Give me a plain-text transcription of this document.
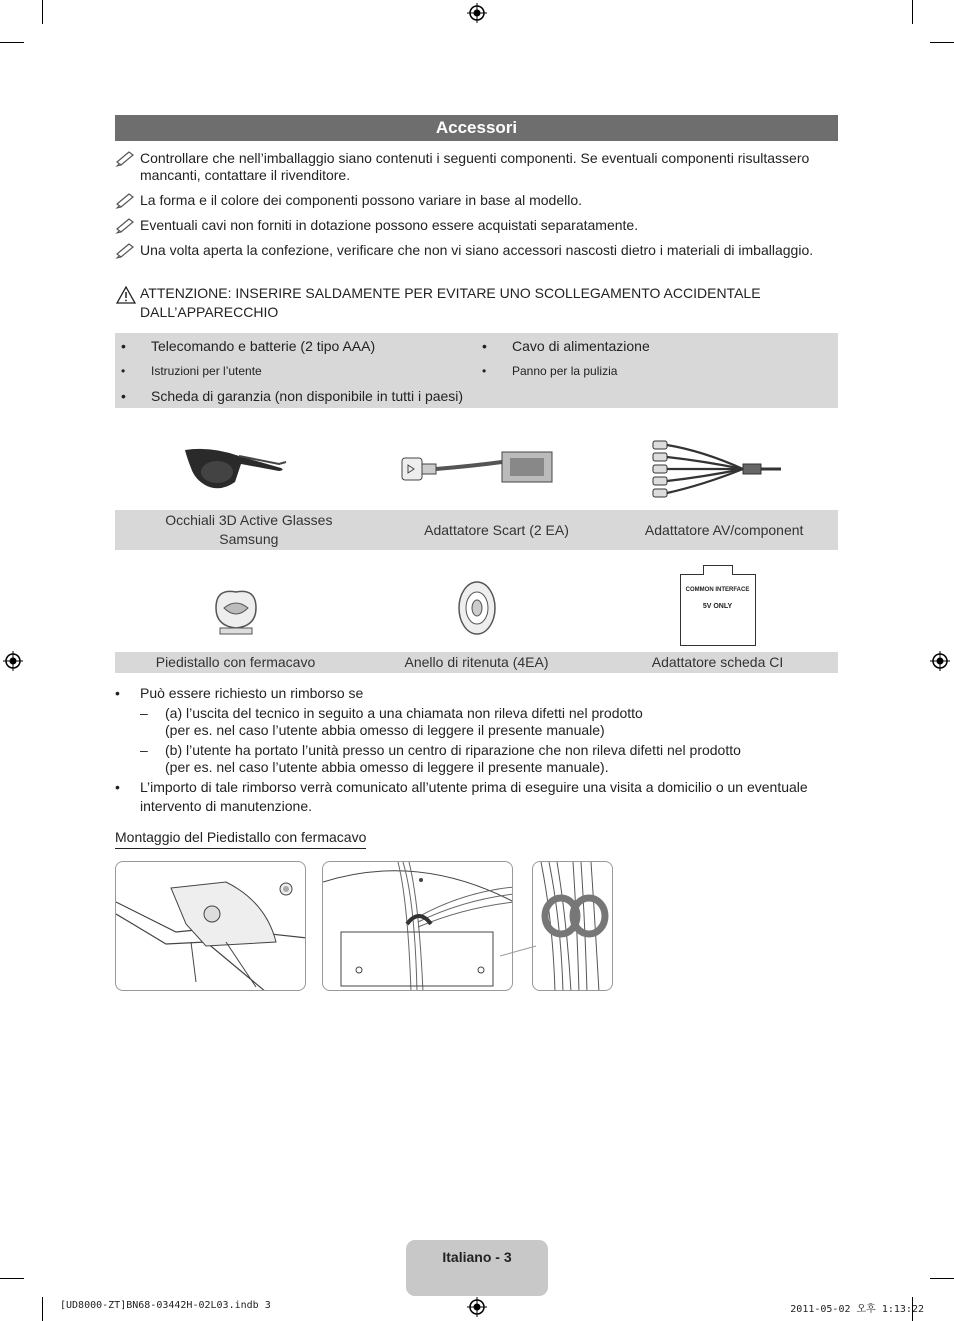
Accessori
Controllare che nell’imballaggio siano contenuti i seguenti componenti. Se eventuali componenti risultassero mancanti, contattare il rivenditore.
La forma e il colore dei componenti possono variare in base al modello.
Eventuali cavi non forniti in dotazione possono essere acquistati separatamente.
Una volta aperta la confezione, verificare che non vi siano accessori nascosti dietro i materiali di imballaggio.
ATTENZIONE: INSERIRE SALDAMENTE PER EVITARE UNO SCOLLEGAMENTO ACCIDENTALE DALL’APPARECCHIO
• Telecomando e batterie (2 tipo AAA)
• Istruzioni per l’utente
• Scheda di garanzia (non disponibile in tutti i paesi)
• Cavo di alimentazione
• Panno per la pulizia
Occhiali 3D Active Glasses Samsung
Adattatore Scart (2 EA)	Adattatore AV/component
COMMON INTERFACE
5V ONLY
Piedistallo con fermacavo	Anello di ritenuta (4EA)	Adattatore scheda CI
• Può essere richiesto un rimborso se
– (a) l’uscita del tecnico in seguito a una chiamata non rileva difetti nel prodotto
(per es. nel caso l’utente abbia omesso di leggere il presente manuale)
– (b) l’utente ha portato l’unità presso un centro di riparazione che non rileva difetti nel prodotto
(per es. nel caso l’utente abbia omesso di leggere il presente manuale).
• L’importo di tale rimborso verrà comunicato all’utente prima di eseguire una visita a domicilio o un eventuale
intervento di manutenzione.
Montaggio del Piedistallo con fermacavo
Italiano - 3
[UD8000-ZT]BN68-03442H-02L03.indb 3	2011-05-02 오후 1:13:22
